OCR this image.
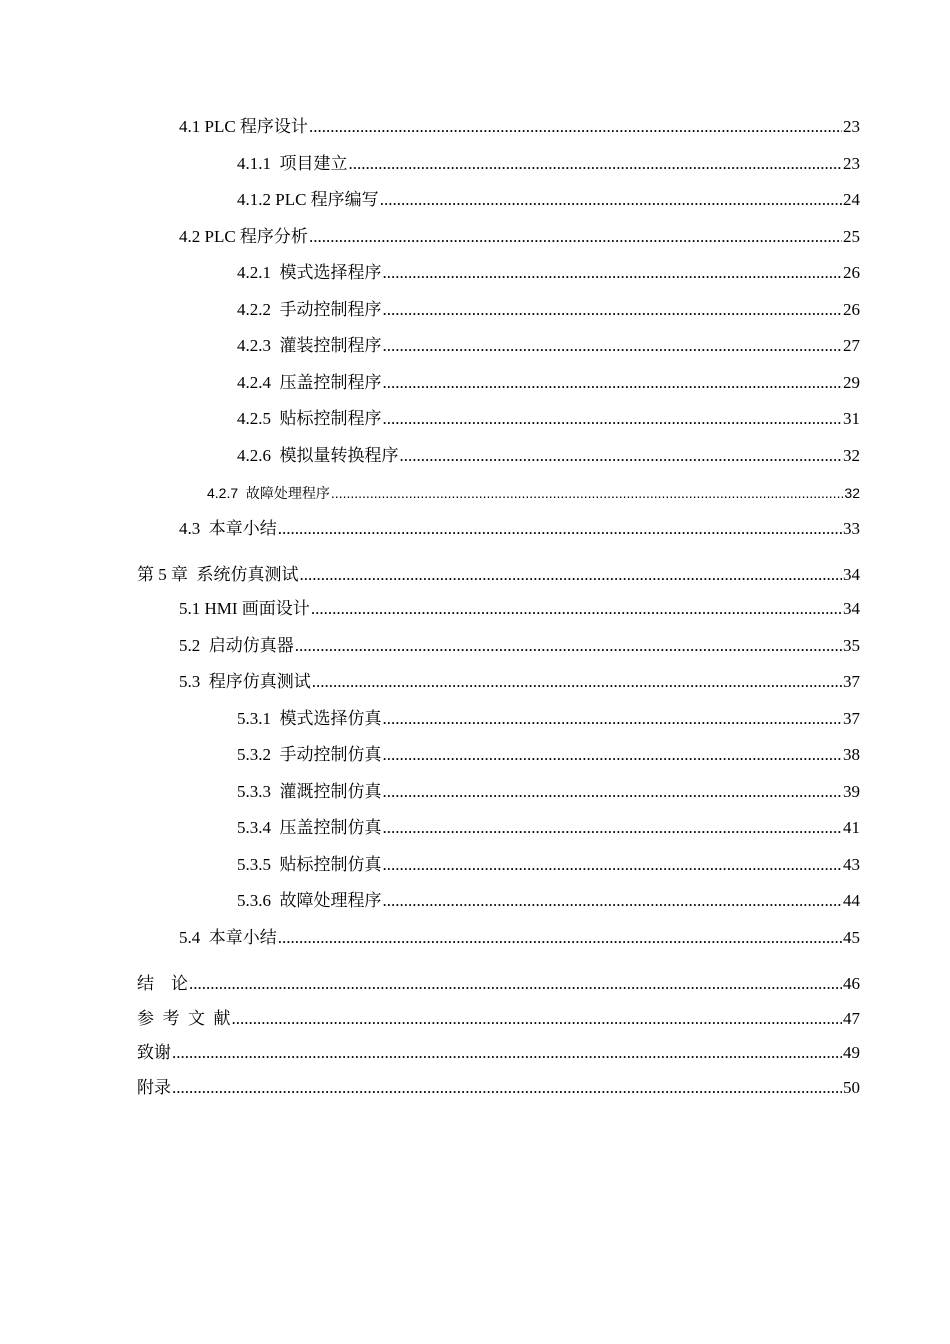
4.1 PLC 程序设计 .....	23
4.1.1  项目建立 .....	23
4.1.2 PLC 程序编写 .....	24
4.2 PLC 程序分析 .....	25
4.2.1  模式选择程序 .....	26
4.2.2  手动控制程序 .....	26
4.2.3  灌装控制程序 .....	27
4.2.4  压盖控制程序 .....	29
4.2.5  贴标控制程序 .....	31
4.2.6  模拟量转换程序 .....	32
4.2.7  故障处理程序 .....	32
4.3  本章小结 .....	33
第 5 章  系统仿真测试 .....	34
5.1 HMI 画面设计 .....	34
5.2  启动仿真器 .....	35
5.3  程序仿真测试 .....	37
5.3.1  模式选择仿真 .....	37
5.3.2  手动控制仿真 .....	38
5.3.3  灌溉控制仿真 .....	39
5.3.4  压盖控制仿真 .....	41
5.3.5  贴标控制仿真 .....	43
5.3.6  故障处理程序 .....	44
5.4  本章小结 .....	45
结    论 .....	46
参  考  文  献 .....	47
致谢 .....	49
附录 .....	50
